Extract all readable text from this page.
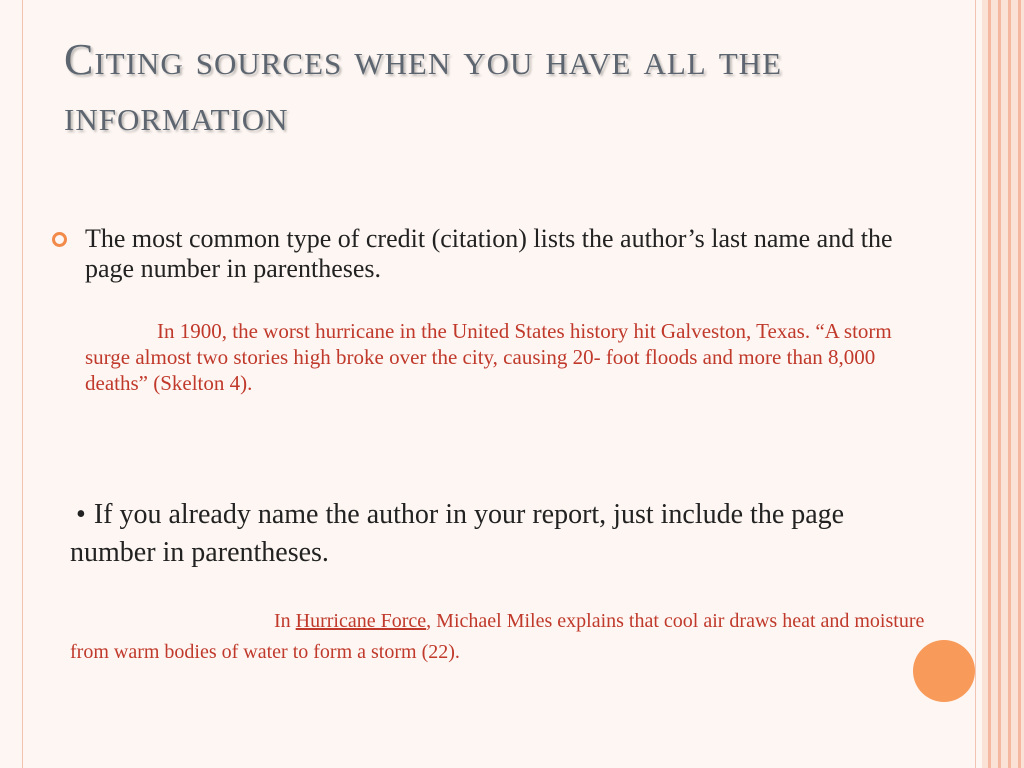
Citing sources when you have all the information
The most common type of credit (citation) lists the author’s last name and the page number in parentheses.
In 1900, the worst hurricane in the United States history hit Galveston, Texas. “A storm surge almost two stories high broke over the city, causing 20- foot floods and more than 8,000 deaths” (Skelton 4).
• If you already name the author in your report, just include the page number in parentheses.
In Hurricane Force, Michael Miles explains that cool air draws heat and moisture from warm bodies of water to form a storm (22).
